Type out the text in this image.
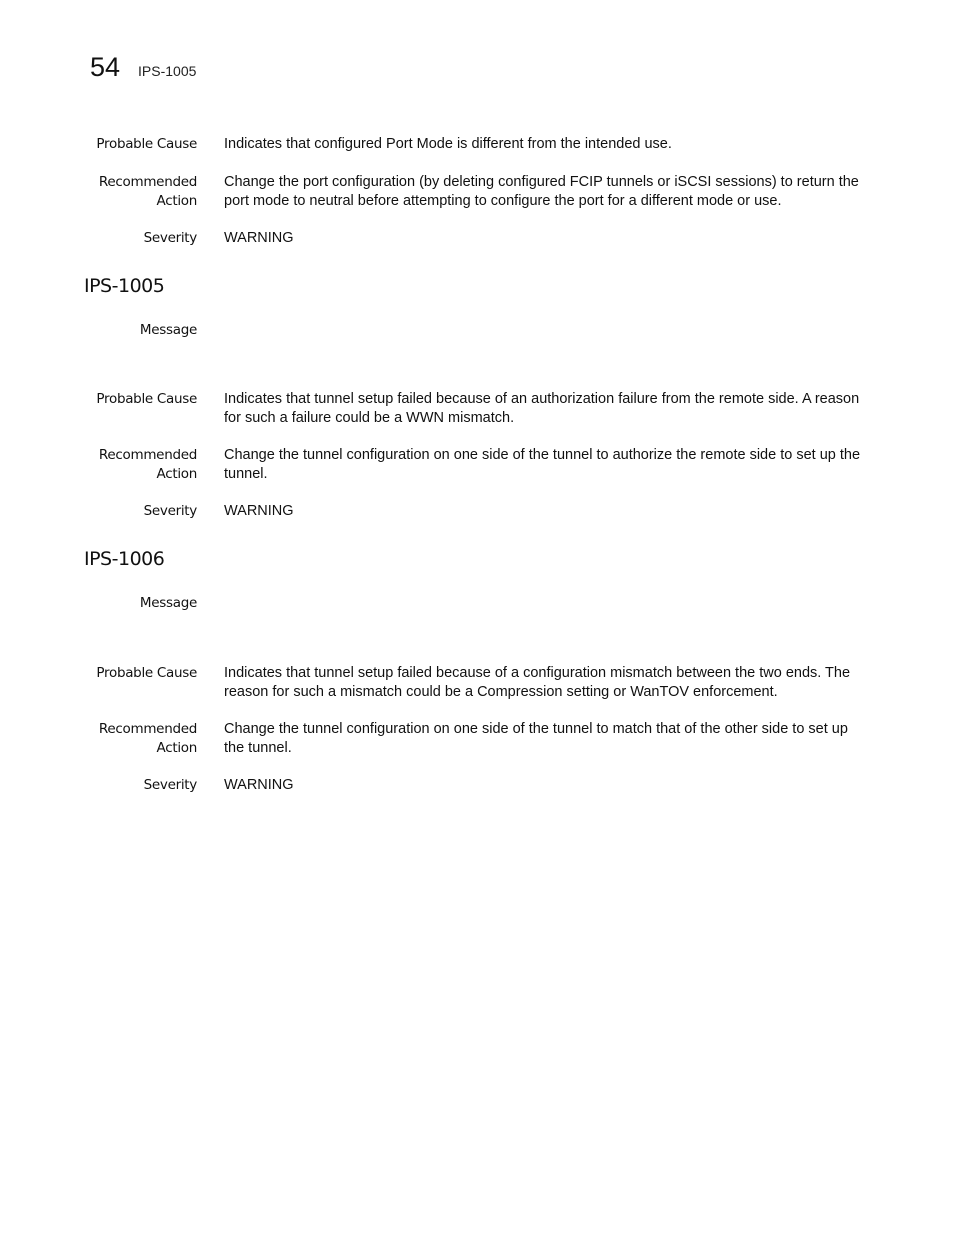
54 IPS-1005
Probable Cause Indicates that configured Port Mode is different from the intended use.
Recommended
Action
Change the port configuration (by deleting configured FCIP tunnels or iSCSI sessions) to return the port mode to neutral before attempting to configure the port for a different mode or use.
Severity WARNING
IPS-1005
Message
Probable Cause Indicates that tunnel setup failed because of an authorization failure from the remote side. A reason for such a failure could be a WWN mismatch.
Recommended
Action
Change the tunnel configuration on one side of the tunnel to authorize the remote side to set up the tunnel.
Severity WARNING
IPS-1006
Message
Probable Cause Indicates that tunnel setup failed because of a configuration mismatch between the two ends. The reason for such a mismatch could be a Compression setting or WanTOV enforcement.
Recommended
Action
Change the tunnel configuration on one side of the tunnel to match that of the other side to set up the tunnel.
Severity WARNING
